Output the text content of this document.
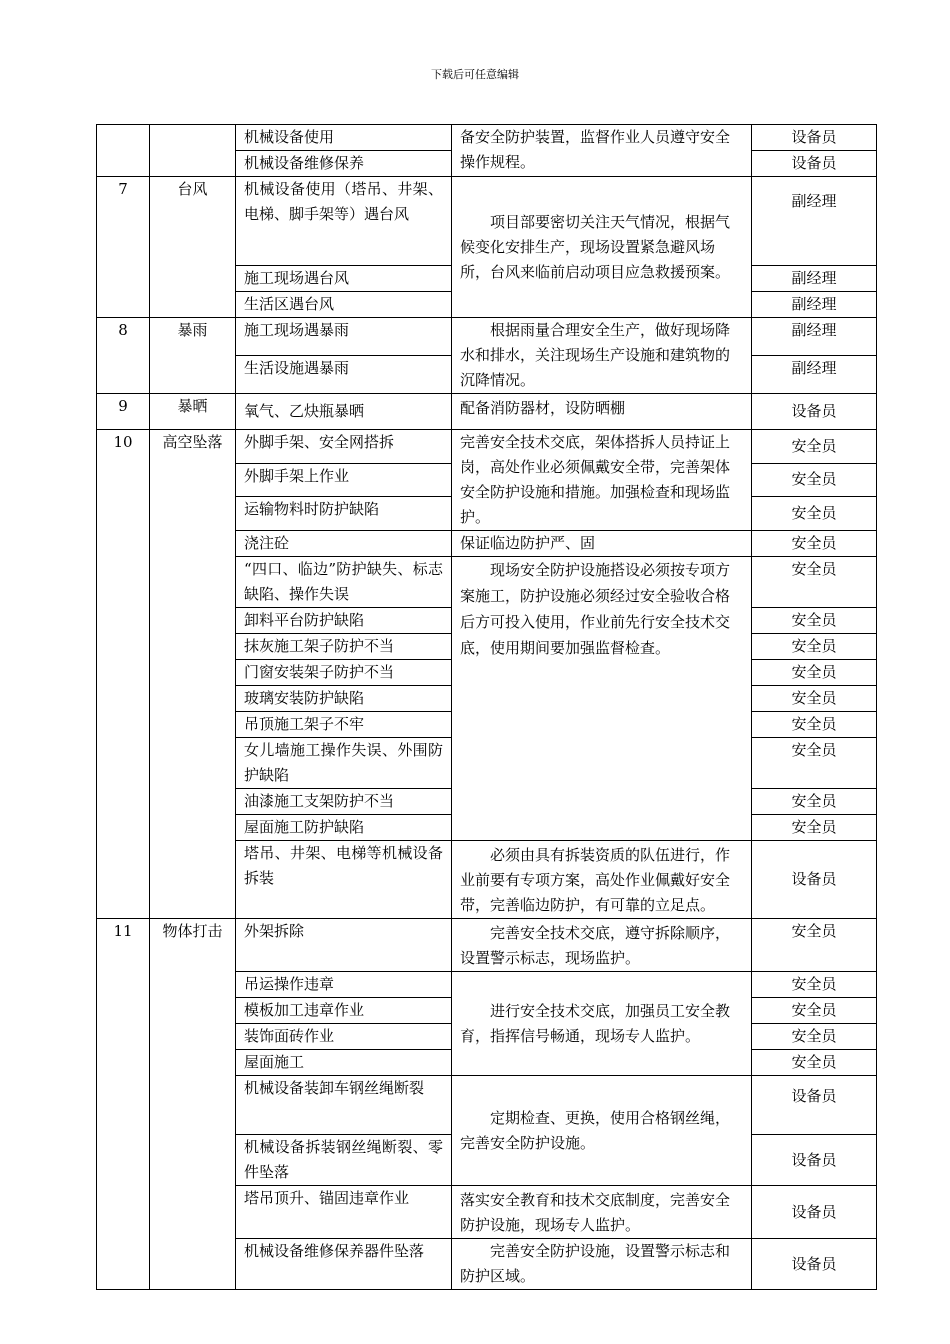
下载后可任意编辑
		机械设备使用	备安全防护装置，监督作业人员遵守安全操作规程。	设备员
		机械设备维修保养		设备员
7	台风	机械设备使用（塔吊、井架、电梯、脚手架等）遇台风	项目部要密切关注天气情况，根据气候变化安排生产，现场设置紧急避风场所，台风来临前启动项目应急救援预案。	副经理
		施工现场遇台风		副经理
		生活区遇台风		副经理
8	暴雨	施工现场遇暴雨	根据雨量合理安全生产，做好现场降水和排水，关注现场生产设施和建筑物的沉降情况。	副经理
		生活设施遇暴雨		副经理
9	暴晒	氧气、乙炔瓶暴晒	配备消防器材，设防晒棚	设备员
10	高空坠落	外脚手架、安全网搭拆	完善安全技术交底，架体搭拆人员持证上岗，高处作业必须佩戴安全带，完善架体安全防护设施和措施。加强检查和现场监护。	安全员
		外脚手架上作业		安全员
		运输物料时防护缺陷		安全员
		浇注砼	保证临边防护严、固	安全员
		“四口、临边”防护缺失、标志缺陷、操作失误	现场安全防护设施搭设必须按专项方案施工，防护设施必须经过安全验收合格后方可投入使用，作业前先行安全技术交底，使用期间要加强监督检查。	安全员
		卸料平台防护缺陷		安全员
		抹灰施工架子防护不当		安全员
		门窗安装架子防护不当		安全员
		玻璃安装防护缺陷		安全员
		吊顶施工架子不牢		安全员
		女儿墙施工操作失误、外围防护缺陷		安全员
		油漆施工支架防护不当		安全员
		屋面施工防护缺陷		安全员
		塔吊、井架、电梯等机械设备拆装	必须由具有拆装资质的队伍进行，作业前要有专项方案，高处作业佩戴好安全带，完善临边防护，有可靠的立足点。	设备员
11	物体打击	外架拆除	完善安全技术交底，遵守拆除顺序，设置警示标志，现场监护。	安全员
		吊运操作违章	进行安全技术交底，加强员工安全教育，指挥信号畅通，现场专人监护。	安全员
		模板加工违章作业		安全员
		装饰面砖作业		安全员
		屋面施工		安全员
		机械设备装卸车钢丝绳断裂	定期检查、更换，使用合格钢丝绳，完善安全防护设施。	设备员
		机械设备拆装钢丝绳断裂、零件坠落		设备员
		塔吊顶升、锚固违章作业	落实安全教育和技术交底制度，完善安全防护设施，现场专人监护。	设备员
		机械设备维修保养器件坠落	完善安全防护设施，设置警示标志和防护区域。	设备员
